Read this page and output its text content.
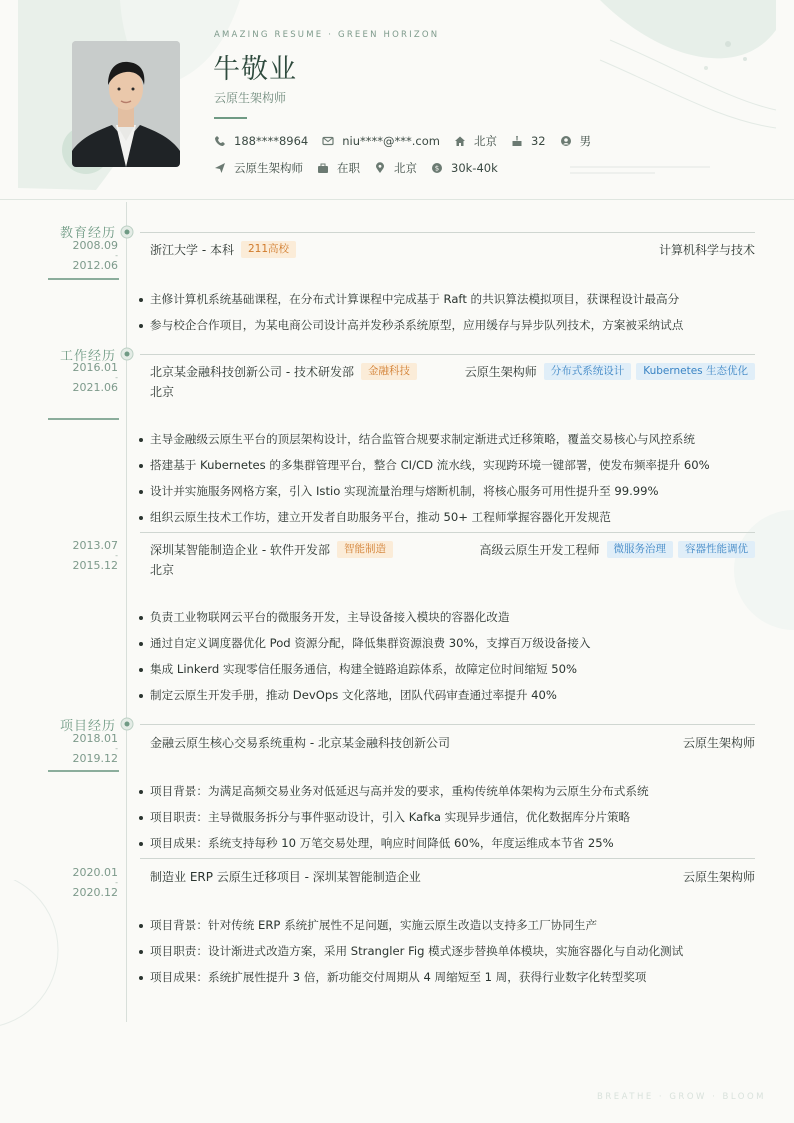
AMAZING RESUME · GREEN HORIZON
牛敬业
云原生架构师
188****8964	niu****@***.com	北京	32	男
云原生架构师	在职	北京	$ 30k-40k
教育经历
2008.09
-
2012.06
浙江大学 - 本科	211高校	计算机科学与技术
主修计算机系统基础课程，在分布式计算课程中完成基于 Raft 的共识算法模拟项目，获课程设计最高分
参与校企合作项目，为某电商公司设计高并发秒杀系统原型，应用缓存与异步队列技术，方案被采纳试点
工作经历
2016.01
-
2021.06
北京某金融科技创新公司 - 技术研发部	金融科技
北京
云原生架构师	分布式系统设计	Kubernetes 生态优化
主导金融级云原生平台的顶层架构设计，结合监管合规要求制定渐进式迁移策略，覆盖交易核心与风控系统
搭建基于 Kubernetes 的多集群管理平台，整合 CI/CD 流水线，实现跨环境一键部署，使发布频率提升 60%
设计并实施服务网格方案，引入 Istio 实现流量治理与熔断机制，将核心服务可用性提升至 99.99%
组织云原生技术工作坊，建立开发者自助服务平台，推动 50+ 工程师掌握容器化开发规范
2013.07
-
2015.12
深圳某智能制造企业 - 软件开发部	智能制造
北京
高级云原生开发工程师	微服务治理	容器性能调优
负责工业物联网云平台的微服务开发，主导设备接入模块的容器化改造
通过自定义调度器优化 Pod 资源分配，降低集群资源浪费 30%，支撑百万级设备接入
集成 Linkerd 实现零信任服务通信，构建全链路追踪体系，故障定位时间缩短 50%
制定云原生开发手册，推动 DevOps 文化落地，团队代码审查通过率提升 40%
项目经历
2018.01
-
2019.12
金融云原生核心交易系统重构 - 北京某金融科技创新公司	云原生架构师
项目背景：为满足高频交易业务对低延迟与高并发的要求，重构传统单体架构为云原生分布式系统
项目职责：主导微服务拆分与事件驱动设计，引入 Kafka 实现异步通信，优化数据库分片策略
项目成果：系统支持每秒 10 万笔交易处理，响应时间降低 60%，年度运维成本节省 25%
2020.01
-
2020.12
制造业 ERP 云原生迁移项目 - 深圳某智能制造企业	云原生架构师
项目背景：针对传统 ERP 系统扩展性不足问题，实施云原生改造以支持多工厂协同生产
项目职责：设计渐进式改造方案，采用 Strangler Fig 模式逐步替换单体模块，实施容器化与自动化测试
项目成果：系统扩展性提升 3 倍，新功能交付周期从 4 周缩短至 1 周，获得行业数字化转型奖项
BREATHE · GROW · BLOOM
